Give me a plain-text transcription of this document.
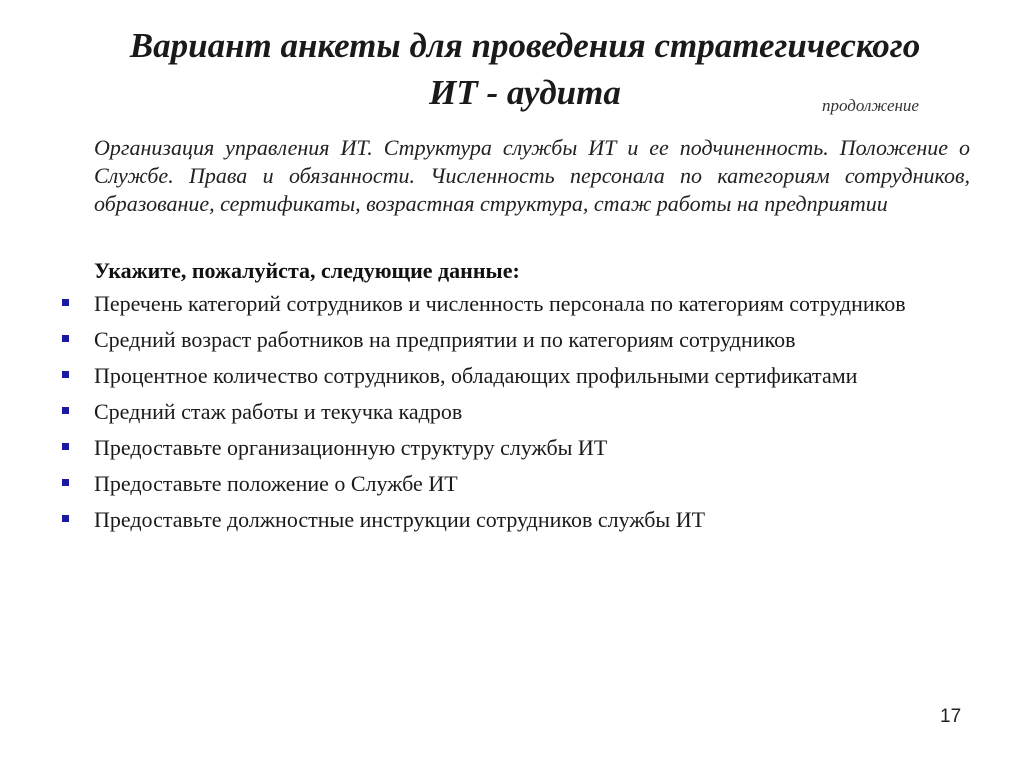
Вариант анкеты для проведения стратегического
ИТ - аудита	продолжение
Организация управления ИТ. Структура службы ИТ и ее подчиненность. Положение о Службе. Права и обязанности. Численность персонала по категориям сотрудников, образование, сертификаты, возрастная структура, стаж работы на предприятии
Укажите, пожалуйста, следующие данные:
Перечень категорий сотрудников и численность персонала по категориям сотрудников
Средний возраст работников на предприятии и по категориям сотрудников
Процентное количество сотрудников, обладающих профильными сертификатами
Средний стаж работы и текучка кадров
Предоставьте организационную структуру службы ИТ
Предоставьте положение о Службе ИТ
Предоставьте должностные инструкции сотрудников службы ИТ
17
